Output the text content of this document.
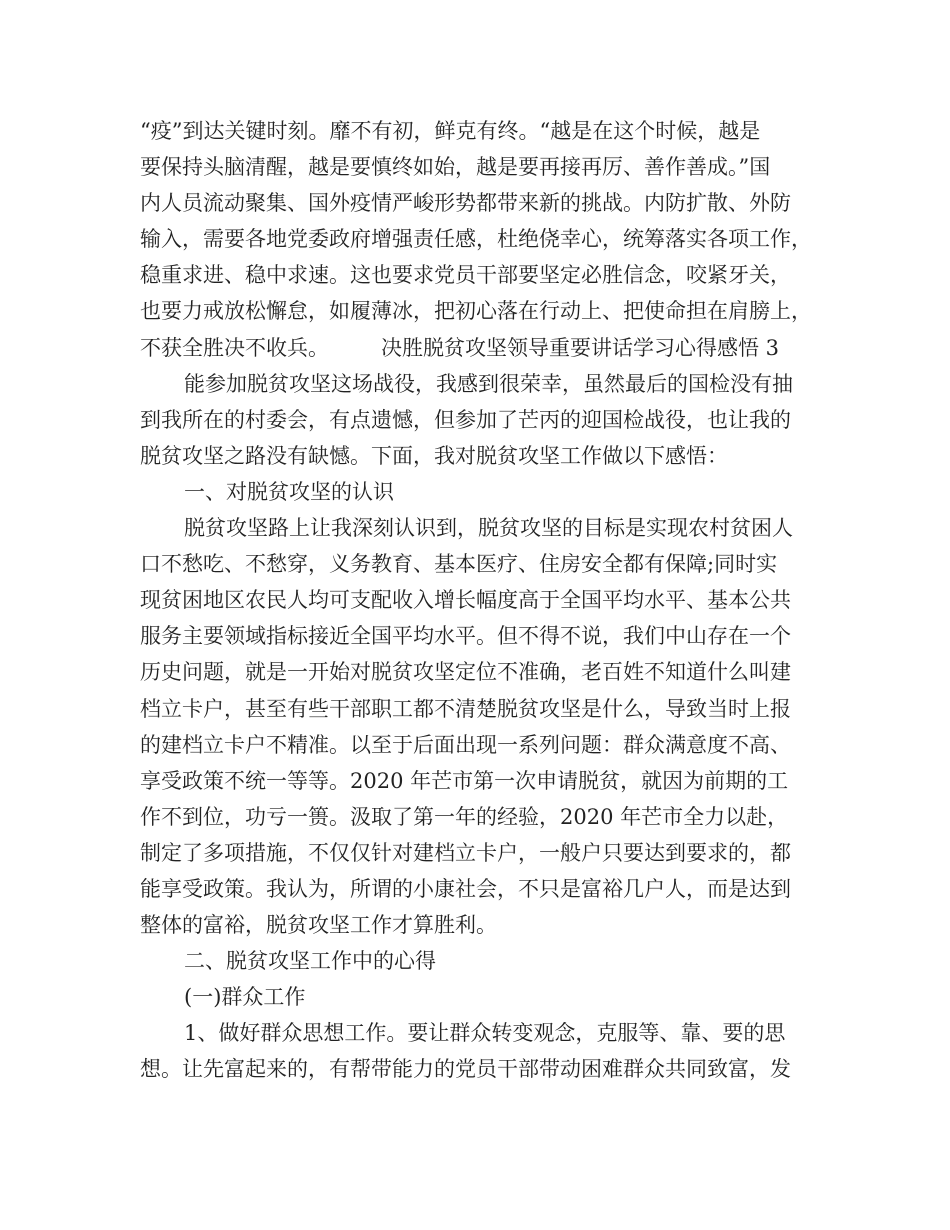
“疫”到达关键时刻。靡不有初，鲜克有终。“越是在这个时候，越是
要保持头脑清醒，越是要慎终如始，越是要再接再厉、善作善成。”国
内人员流动聚集、国外疫情严峻形势都带来新的挑战。内防扩散、外防
输入，需要各地党委政府增强责任感，杜绝侥幸心，统筹落实各项工作，
稳重求进、稳中求速。这也要求党员干部要坚定必胜信念，咬紧牙关，
也要力戒放松懈怠，如履薄冰，把初心落在行动上、把使命担在肩膀上，
不获全胜决不收兵。 决胜脱贫攻坚领导重要讲话学习心得感悟 3
能参加脱贫攻坚这场战役，我感到很荣幸，虽然最后的国检没有抽
到我所在的村委会，有点遗憾，但参加了芒丙的迎国检战役，也让我的
脱贫攻坚之路没有缺憾。下面，我对脱贫攻坚工作做以下感悟：
一、对脱贫攻坚的认识
脱贫攻坚路上让我深刻认识到，脱贫攻坚的目标是实现农村贫困人
口不愁吃、不愁穿，义务教育、基本医疗、住房安全都有保障;同时实
现贫困地区农民人均可支配收入增长幅度高于全国平均水平、基本公共
服务主要领域指标接近全国平均水平。但不得不说，我们中山存在一个
历史问题，就是一开始对脱贫攻坚定位不准确，老百姓不知道什么叫建
档立卡户，甚至有些干部职工都不清楚脱贫攻坚是什么，导致当时上报
的建档立卡户不精准。以至于后面出现一系列问题：群众满意度不高、
享受政策不统一等等。2020 年芒市第一次申请脱贫，就因为前期的工
作不到位，功亏一篑。汲取了第一年的经验，2020 年芒市全力以赴，
制定了多项措施，不仅仅针对建档立卡户，一般户只要达到要求的，都
能享受政策。我认为，所谓的小康社会，不只是富裕几户人，而是达到
整体的富裕，脱贫攻坚工作才算胜利。
二、脱贫攻坚工作中的心得
(一)群众工作
1、做好群众思想工作。要让群众转变观念，克服等、靠、要的思
想。让先富起来的，有帮带能力的党员干部带动困难群众共同致富，发
